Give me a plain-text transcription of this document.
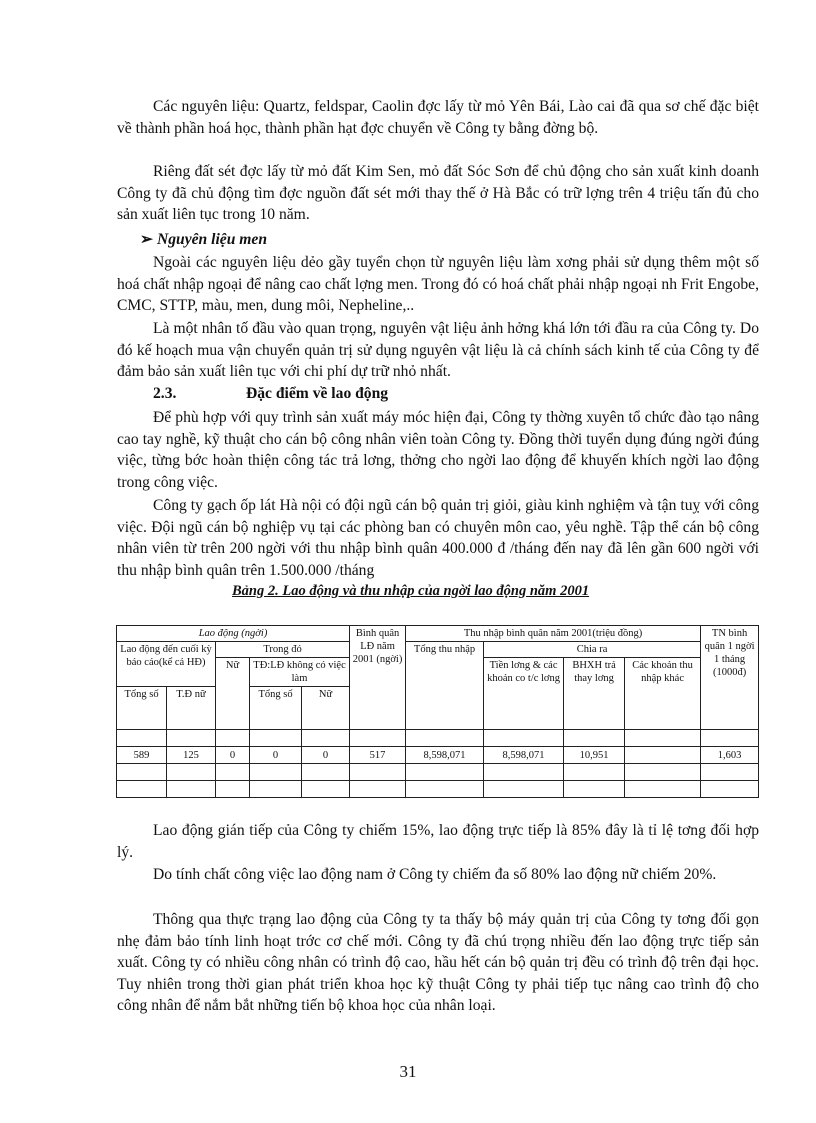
Các nguyên liệu: Quartz, feldspar, Caolin đợc lấy từ mỏ Yên Bái, Lào cai đã qua sơ chế đặc biệt về thành phần hoá học, thành phần hạt đợc chuyển về Công ty bằng đờng bộ.

Riêng đất sét đợc lấy từ mỏ đất Kim Sen, mỏ đất Sóc Sơn để chủ động cho sản xuất kinh doanh Công ty đã chủ động tìm đợc nguồn đất sét mới thay thế ở Hà Bắc có trữ lợng trên 4 triệu tấn đủ cho sản xuất liên tục trong 10 năm.

➢ Nguyên liệu men

Ngoài các nguyên liệu dẻo gầy tuyển chọn từ nguyên liệu làm xơng phải sử dụng thêm một số hoá chất nhập ngoại để nâng cao chất lợng men. Trong đó có hoá chất phải nhập ngoại nh Frit Engobe, CMC, STTP, màu, men, dung môi, Nepheline,..

Là một nhân tố đầu vào quan trọng, nguyên vật liệu ảnh hởng khá lớn tới đầu ra của Công ty. Do đó kế hoạch mua vận chuyển quản trị sử dụng nguyên vật liệu là cả chính sách kinh tế của Công ty để đảm bảo sản xuất liên tục với chi phí dự trữ nhỏ nhất.

2.3.	Đặc điểm về lao động

Để phù hợp với quy trình sản xuất máy móc hiện đại, Công ty thờng xuyên tổ chức đào tạo nâng cao tay nghề, kỹ thuật cho cán bộ công nhân viên toàn Công ty. Đồng thời tuyển dụng đúng ngời đúng việc, từng bớc hoàn thiện công tác trả lơng, thởng cho ngời lao động để khuyến khích ngời lao động trong công việc.

Công ty gạch ốp lát Hà nội có đội ngũ cán bộ quản trị giỏi, giàu kinh nghiệm và tận tuỵ với công việc. Đội ngũ cán bộ nghiệp vụ tại các phòng ban có chuyên môn cao, yêu nghề. Tập thể cán bộ công nhân viên từ trên 200 ngời với thu nhập bình quân 400.000 đ /tháng đến nay đã lên gần 600 ngời với thu nhập bình quân trên 1.500.000 /tháng

Bảng 2. Lao động và thu nhập của ngời lao động năm 2001
Lao động (ngời)					Bình quân LĐ năm 2001 (ngời)	Thu nhập bình quân năm 2001(triệu đồng)				TN bình quân 1 ngời 1 tháng (1000đ)
Lao động đến cuối kỳ báo cáo(kể cả HĐ)		Trong đó				Tổng thu nhập	Chia ra			
		Nữ	TĐ:LĐ không có việc làm				Tiền lơng & các khoản co t/c lơng	BHXH trả thay lơng	Các khoản thu nhập khác	
Tổng số	T.Đ nữ		Tổng số	Nữ						

589	125	0	0	0	517	8,598,071	8,598,071	10,951		1,603

Lao động gián tiếp của Công ty chiếm 15%, lao động trực tiếp là 85% đây là tỉ lệ tơng đối hợp lý.

Do tính chất công việc lao động nam ở Công ty chiếm đa số 80% lao động nữ chiếm 20%.

Thông qua thực trạng lao động của Công ty ta thấy bộ máy quản trị của Công ty tơng đối gọn nhẹ đảm bảo tính linh hoạt trớc cơ chế mới. Công ty đã chú trọng nhiều đến lao động trực tiếp sản xuất. Công ty có nhiều công nhân có trình độ cao, hầu hết cán bộ quản trị đều có trình độ trên đại học. Tuy nhiên trong thời gian phát triển khoa học kỹ thuật Công ty phải tiếp tục nâng cao trình độ cho công nhân để nắm bắt những tiến bộ khoa học của nhân loại.

31
